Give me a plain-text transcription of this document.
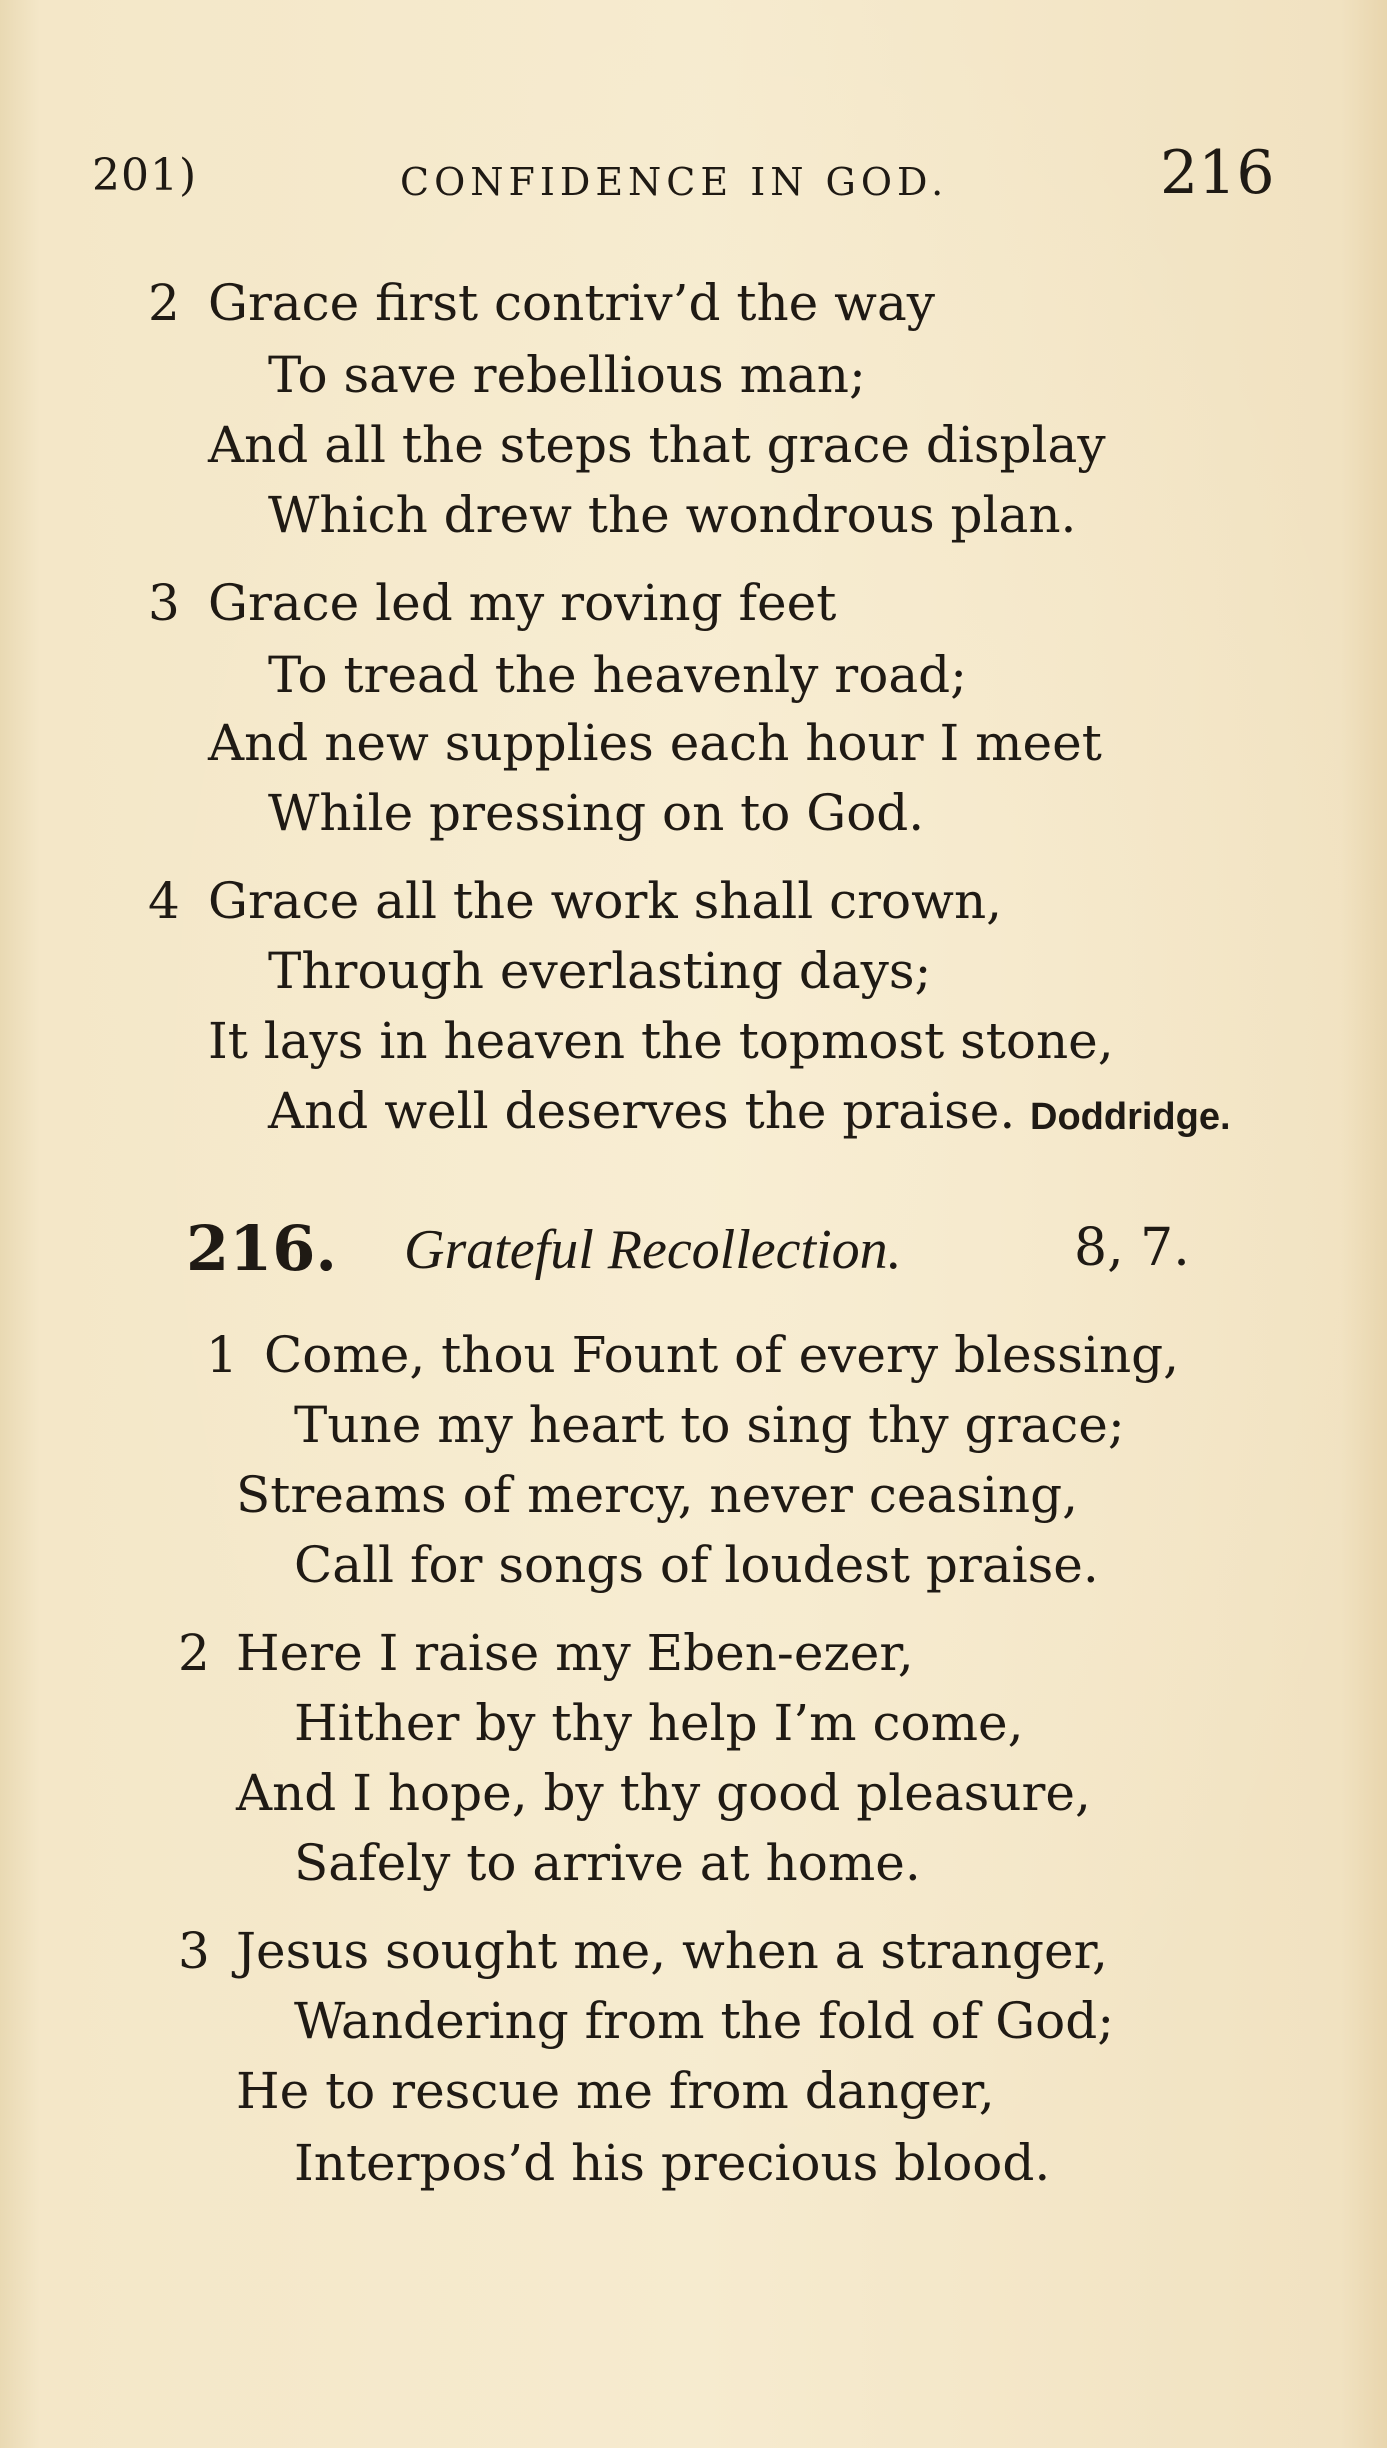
201)	CONFIDENCE IN GOD.	216
2 Grace first contriv’d the way
To save rebellious man;
And all the steps that grace display
Which drew the wondrous plan.
3 Grace led my roving feet
To tread the heavenly road;
And new supplies each hour I meet
While pressing on to God.
4 Grace all the work shall crown,
Through everlasting days;
It lays in heaven the topmost stone,
And well deserves the praise. Doddridge.
216. Grateful Recollection.	8, 7.
1 Come, thou Fount of every blessing,
Tune my heart to sing thy grace;
Streams of mercy, never ceasing,
Call for songs of loudest praise.
2 Here I raise my Eben-ezer,
Hither by thy help I’m come,
And I hope, by thy good pleasure,
Safely to arrive at home.
3 Jesus sought me, when a stranger,
Wandering from the fold of God;
He to rescue me from danger,
Interpos’d his precious blood.
